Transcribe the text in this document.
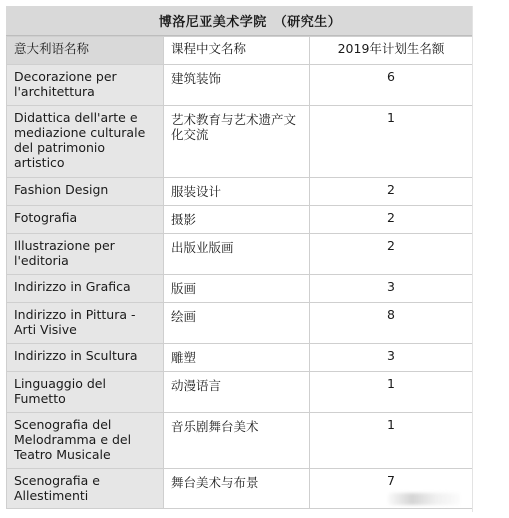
博洛尼亚美术学院　（研究生）
意大利语名称	课程中文名称	2019年计划生名额
Decorazione per l'architettura	建筑装饰	6
Didattica dell'arte e mediazione culturale del patrimonio artistico	艺术教育与艺术遗产文化交流	1
Fashion Design	服装设计	2
Fotografia	摄影	2
Illustrazione per l'editoria	出版业版画	2
Indirizzo in Grafica	版画	3
Indirizzo in Pittura - Arti Visive	绘画	8
Indirizzo in Scultura	雕塑	3
Linguaggio del Fumetto	动漫语言	1
Scenografia del Melodramma e del Teatro Musicale	音乐剧舞台美术	1
Scenografia e Allestimenti	舞台美术与布景	7
